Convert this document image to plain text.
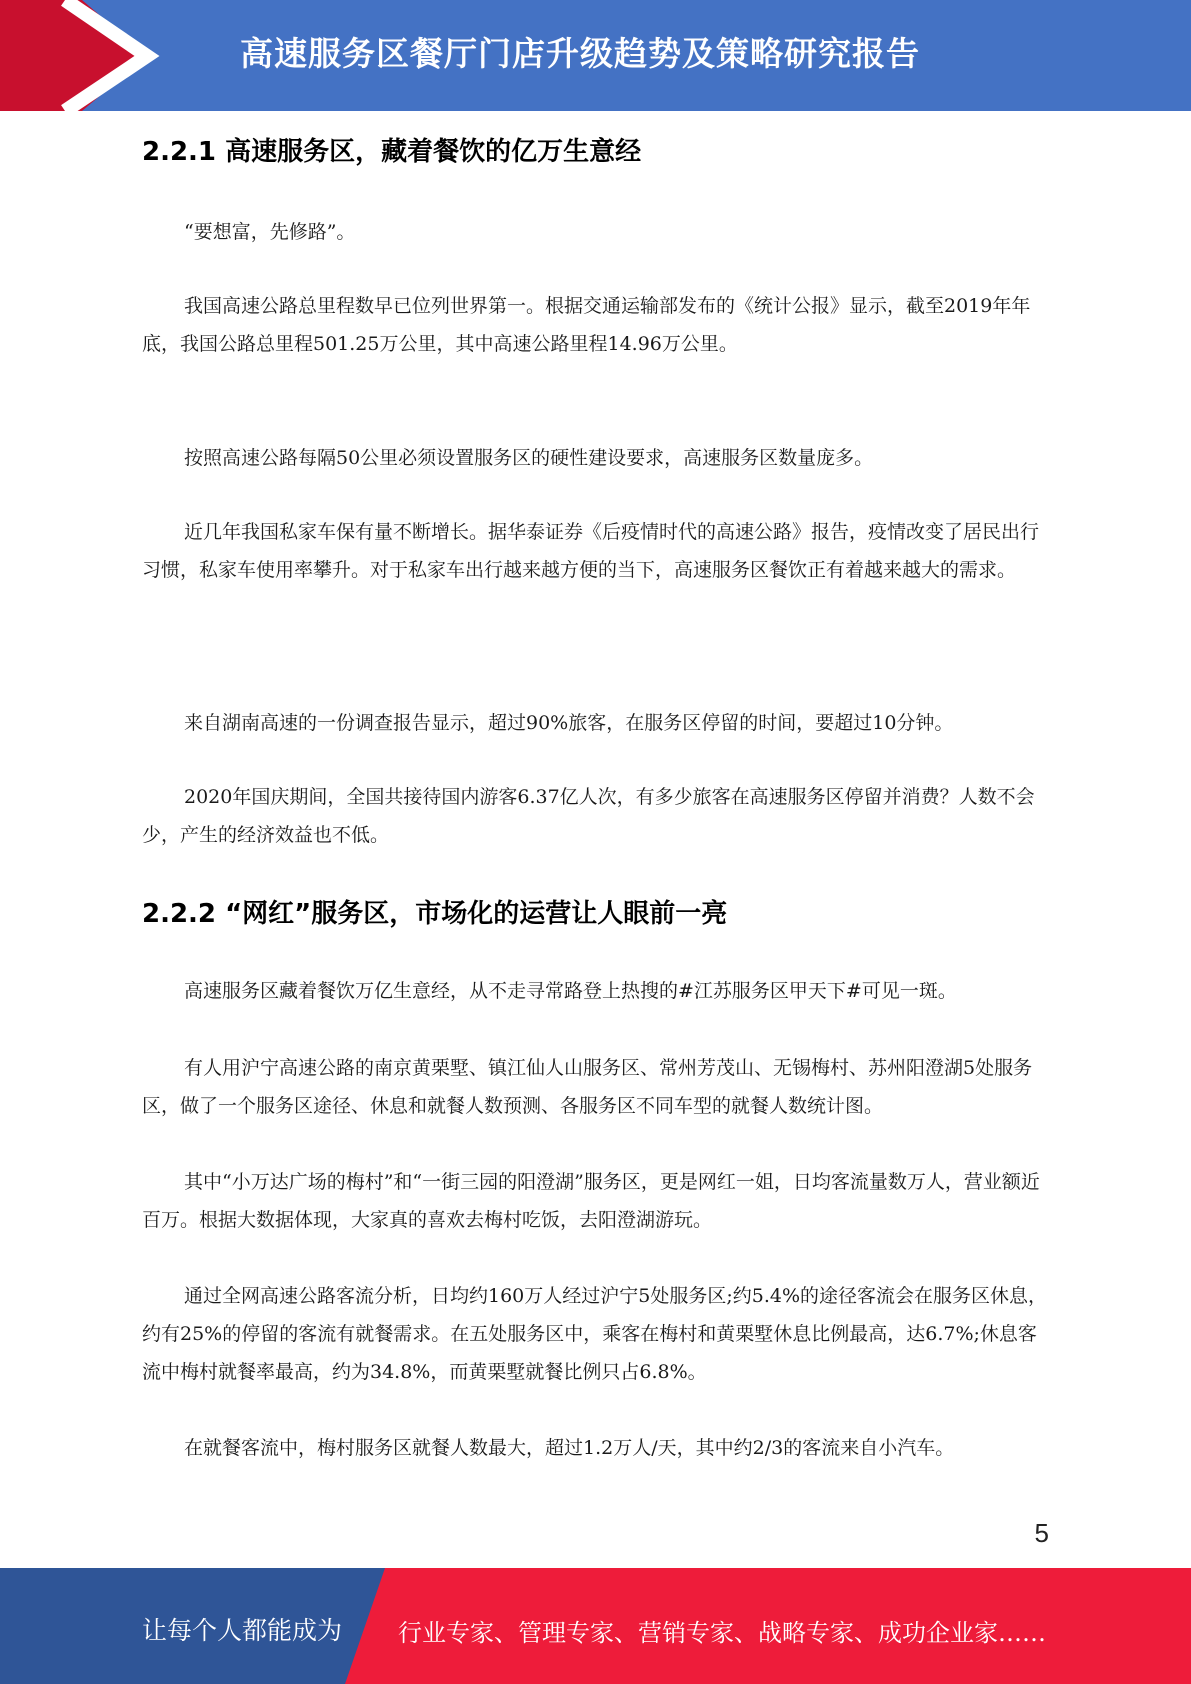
高速服务区餐厅门店升级趋势及策略研究报告
2.2.1 高速服务区，藏着餐饮的亿万生意经
“要想富，先修路”。
我国高速公路总里程数早已位列世界第一。根据交通运输部发布的《统计公报》显示，截至2019年年底，我国公路总里程501.25万公里，其中高速公路里程14.96万公里。
按照高速公路每隔50公里必须设置服务区的硬性建设要求，高速服务区数量庞多。
近几年我国私家车保有量不断增长。据华泰证券《后疫情时代的高速公路》报告，疫情改变了居民出行习惯，私家车使用率攀升。对于私家车出行越来越方便的当下，高速服务区餐饮正有着越来越大的需求。
来自湖南高速的一份调查报告显示，超过90%旅客，在服务区停留的时间，要超过10分钟。
2020年国庆期间，全国共接待国内游客6.37亿人次，有多少旅客在高速服务区停留并消费？人数不会少，产生的经济效益也不低。
2.2.2 “网红”服务区，市场化的运营让人眼前一亮
高速服务区藏着餐饮万亿生意经，从不走寻常路登上热搜的#江苏服务区甲天下#可见一斑。
有人用沪宁高速公路的南京黄栗墅、镇江仙人山服务区、常州芳茂山、无锡梅村、苏州阳澄湖5处服务区，做了一个服务区途径、休息和就餐人数预测、各服务区不同车型的就餐人数统计图。
其中“小万达广场的梅村”和“一街三园的阳澄湖”服务区，更是网红一姐，日均客流量数万人，营业额近百万。根据大数据体现，大家真的喜欢去梅村吃饭，去阳澄湖游玩。
通过全网高速公路客流分析，日均约160万人经过沪宁5处服务区;约5.4%的途径客流会在服务区休息，约有25%的停留的客流有就餐需求。在五处服务区中，乘客在梅村和黄栗墅休息比例最高，达6.7%;休息客流中梅村就餐率最高，约为34.8%，而黄栗墅就餐比例只占6.8%。
在就餐客流中，梅村服务区就餐人数最大，超过1.2万人/天，其中约2/3的客流来自小汽车。
5
让每个人都能成为 行业专家、管理专家、营销专家、战略专家、成功企业家……
